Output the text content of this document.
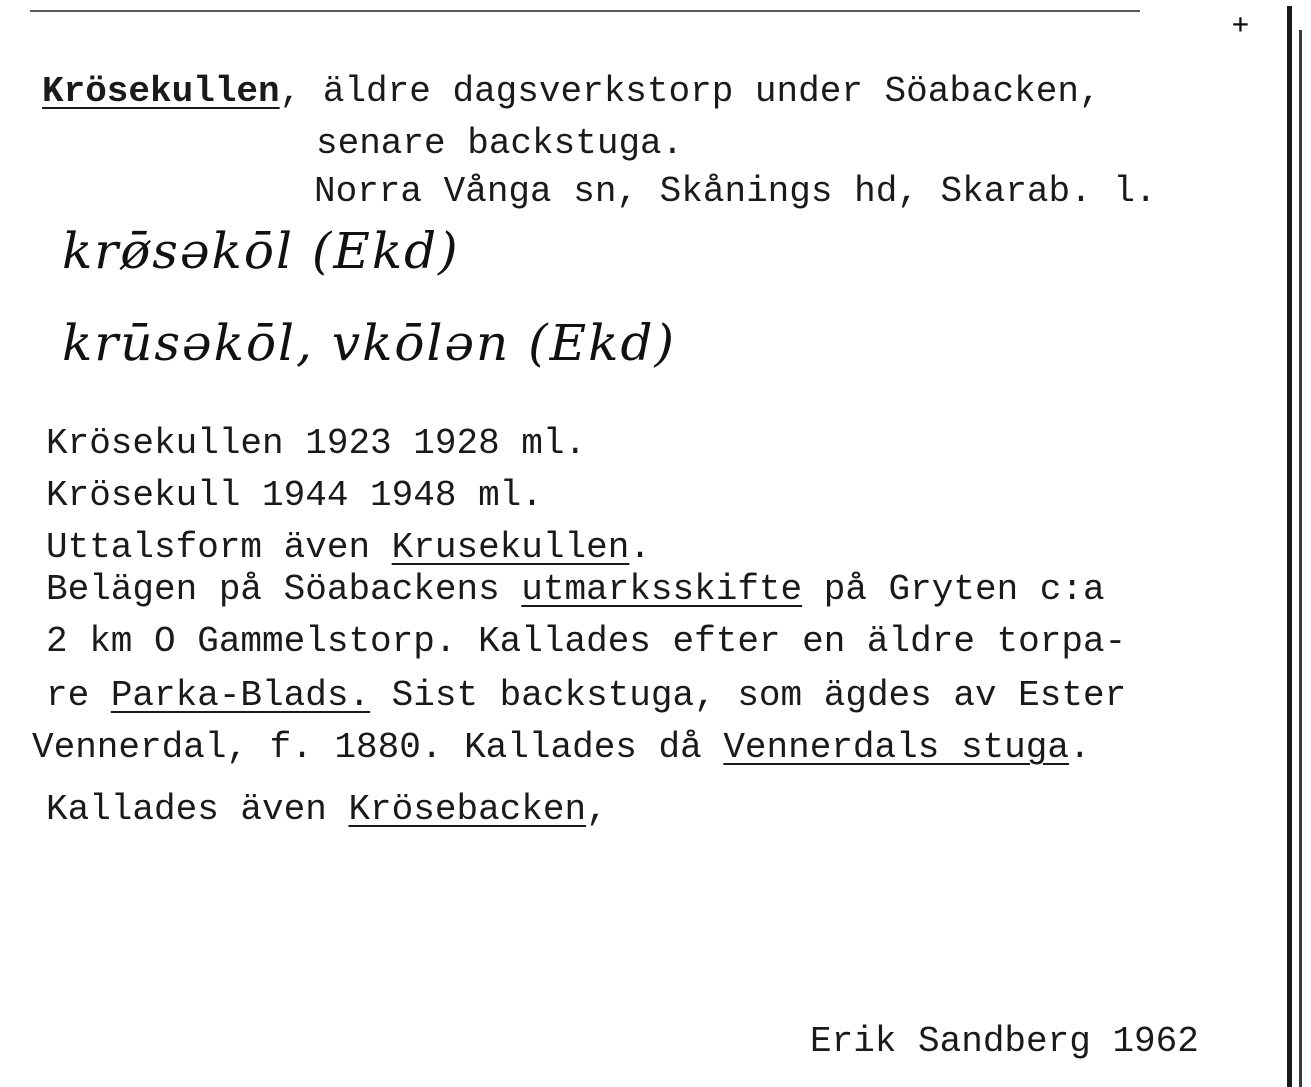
+
Krösekullen, äldre dagsverkstorp under Söabacken,
senare backstuga.
Norra Vånga sn, Skånings hd, Skarab. l.
krø̄sәkōl (Ekd)
krūsәkōl, vkōlәn (Ekd)
Krösekullen 1923 1928 ml.
Krösekull 1944 1948 ml.
Uttalsform även Krusekullen.
Belägen på Söabackens utmarksskifte på Gryten c:a
2 km O Gammelstorp. Kallades efter en äldre torpa-
re Parka-Blads. Sist backstuga, som ägdes av Ester
Vennerdal, f. 1880. Kallades då Vennerdals stuga.
Kallades även Krösebacken,
Erik Sandberg 1962
